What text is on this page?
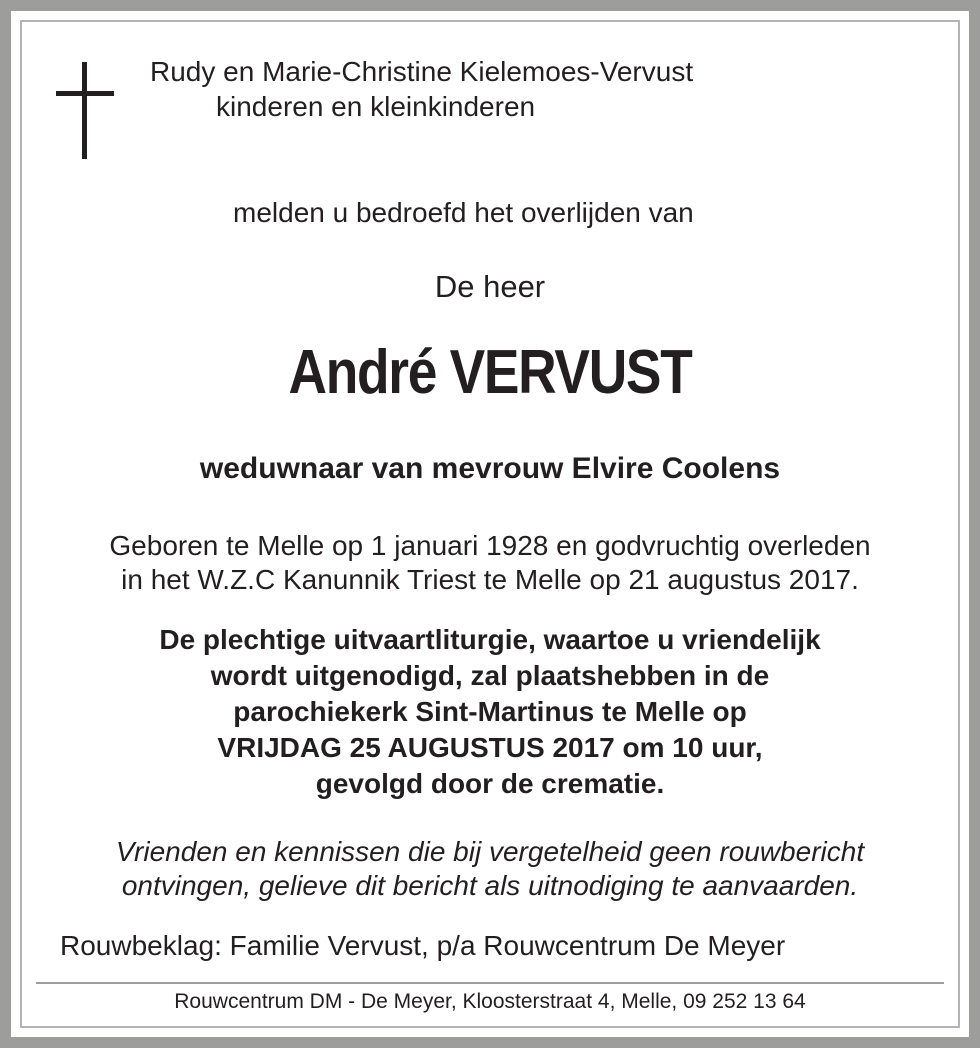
Rudy en Marie-Christine Kielemoes-Vervust
kinderen en kleinkinderen
melden u bedroefd het overlijden van
De heer
André VERVUST
weduwnaar van mevrouw Elvire Coolens
Geboren te Melle op 1 januari 1928 en godvruchtig overleden
in het W.Z.C Kanunnik Triest te Melle op 21 augustus 2017.
De plechtige uitvaartliturgie, waartoe u vriendelijk
wordt uitgenodigd, zal plaatshebben in de
parochiekerk Sint-Martinus te Melle op
VRIJDAG 25 AUGUSTUS 2017 om 10 uur,
gevolgd door de crematie.
Vrienden en kennissen die bij vergetelheid geen rouwbericht
ontvingen, gelieve dit bericht als uitnodiging te aanvaarden.
Rouwbeklag: Familie Vervust, p/a Rouwcentrum De Meyer
Rouwcentrum DM - De Meyer, Kloosterstraat 4, Melle, 09 252 13 64
